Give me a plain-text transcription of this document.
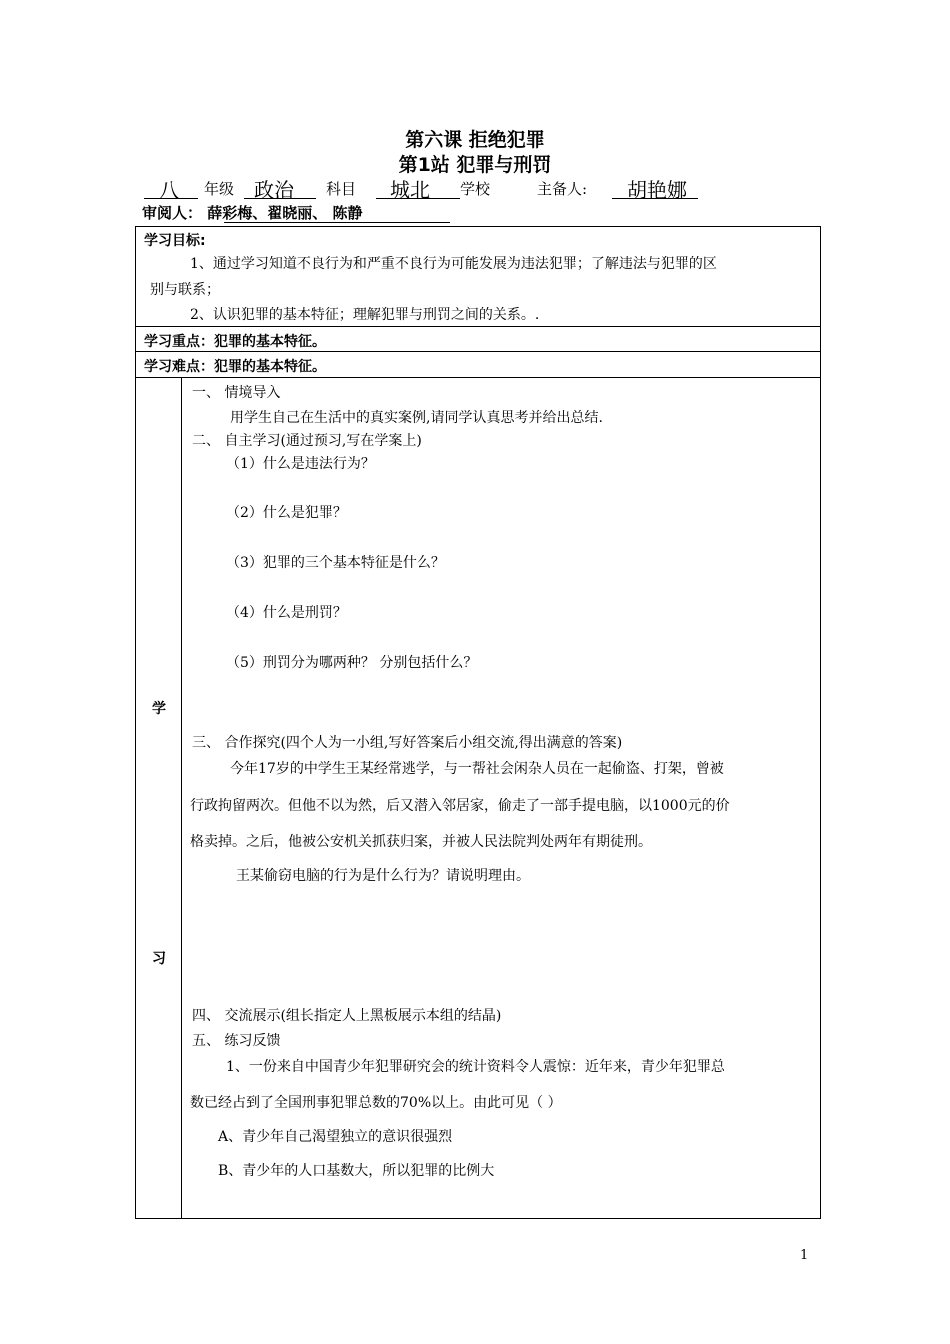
第六课 拒绝犯罪
第1站 犯罪与刑罚
八 年级 政治 科目 城北 学校	主备人: 胡艳娜
审阅人： 薛彩梅、翟晓丽、 陈静
学习目标:
1、通过学习知道不良行为和严重不良行为可能发展为违法犯罪；了解违法与犯罪的区
别与联系；
2、认识犯罪的基本特征；理解犯罪与刑罚之间的关系。.
学习重点：犯罪的基本特征。
学习难点：犯罪的基本特征。
学
习
一、 情境导入
用学生自己在生活中的真实案例,请同学认真思考并给出总结.
二、 自主学习(通过预习,写在学案上)
（1）什么是违法行为？
（2）什么是犯罪？
（3）犯罪的三个基本特征是什么？
（4）什么是刑罚？
（5）刑罚分为哪两种？ 分别包括什么？
三、 合作探究(四个人为一小组,写好答案后小组交流,得出满意的答案)
今年17岁的中学生王某经常逃学，与一帮社会闲杂人员在一起偷盗、打架，曾被
行政拘留两次。但他不以为然，后又潜入邻居家，偷走了一部手提电脑，以1000元的价
格卖掉。之后，他被公安机关抓获归案，并被人民法院判处两年有期徒刑。
王某偷窃电脑的行为是什么行为？请说明理由。
四、 交流展示(组长指定人上黑板展示本组的结晶)
五、 练习反馈
1、一份来自中国青少年犯罪研究会的统计资料令人震惊：近年来，青少年犯罪总
数已经占到了全国刑事犯罪总数的70%以上。由此可见（ ）
A、青少年自己渴望独立的意识很强烈
B、青少年的人口基数大，所以犯罪的比例大
1
